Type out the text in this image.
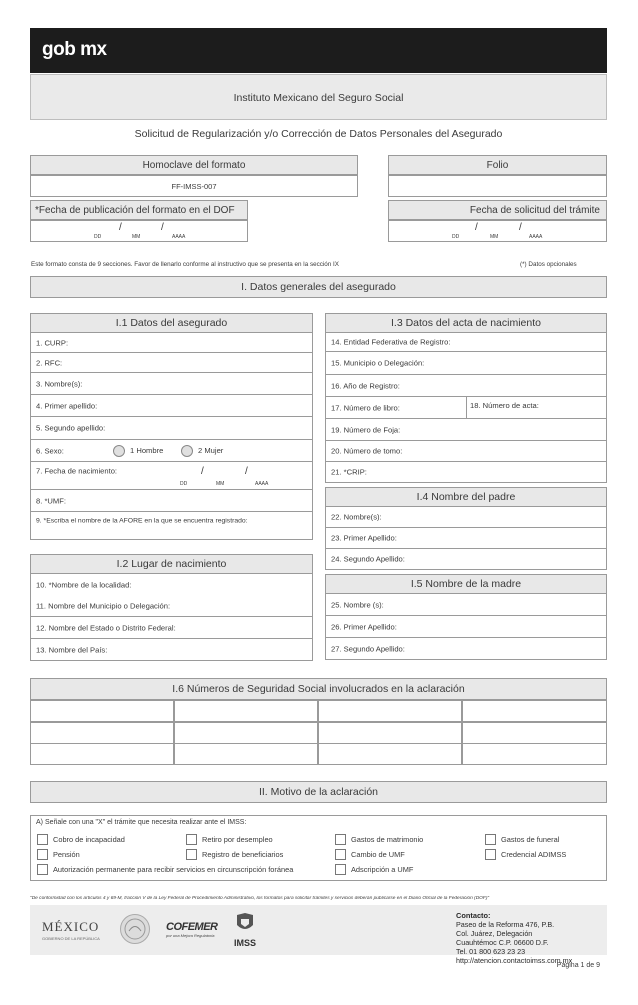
gob mx
Instituto Mexicano del Seguro Social
Solicitud de Regularización y/o Corrección de Datos Personales del Asegurado
Homoclave del formato
FF-IMSS-007
Folio
*Fecha de publicación del formato en el DOF
/	/
DD	MM	AAAA
Fecha de solicitud del trámite
/	/
DD	MM	AAAA
Este formato consta de 9 secciones. Favor de llenarlo conforme al instructivo que se presenta en la sección IX	(*) Datos opcionales
I. Datos generales del asegurado
I.1 Datos del asegurado
1. CURP:
2. RFC:
3. Nombre(s):
4. Primer apellido:
5. Segundo apellido:
6. Sexo:	1 Hombre	2 Mujer
7. Fecha de nacimiento:	/	/
DD	MM	AAAA
8. *UMF:
9. *Escriba el nombre de la AFORE en la que se encuentra registrado:
I.2 Lugar de nacimiento
10. *Nombre de la localidad:
11. Nombre del Municipio o Delegación:
12. Nombre del Estado o Distrito Federal:
13. Nombre del País:
I.3 Datos del acta de nacimiento
14. Entidad Federativa de Registro:
15. Municipio o Delegación:
16. Año de Registro:
17. Número de libro:	18. Número de acta:
19. Número de Foja:
20. Número de tomo:
21. *CRIP:
I.4 Nombre del padre
22. Nombre(s):
23. Primer Apellido:
24. Segundo Apellido:
I.5 Nombre de la madre
25. Nombre (s):
26. Primer Apellido:
27. Segundo Apellido:
I.6 Números de Seguridad Social involucrados en la aclaración
II. Motivo de la aclaración
A) Señale con una "X" el trámite que necesita realizar ante el IMSS:
Cobro de incapacidad	Retiro por desempleo	Gastos de matrimonio	Gastos de funeral
Pensión	Registro de beneficiarios	Cambio de UMF	Credencial ADIMSS
Autorización permanente para recibir servicios en circunscripción foránea	Adscripción a UMF
"De conformidad con los artículos 4 y 69-M, fracción V de la Ley Federal de Procedimiento Administrativo, los formatos para solicitar trámites y servicios deberán publicarse en el Diario Oficial de la Federación (DOF)"
MÉXICO
GOBIERNO DE LA REPÚBLICA
COFEMER
por una Mejora Regulatoria
IMSS
Contacto:
Paseo de la Reforma 476, P.B.
Col. Juárez, Delegación
Cuauhtémoc C.P. 06600 D.F.
Tel. 01 800 623 23 23
http://atencion.contactoimss.com.mx
Página 1 de 9
